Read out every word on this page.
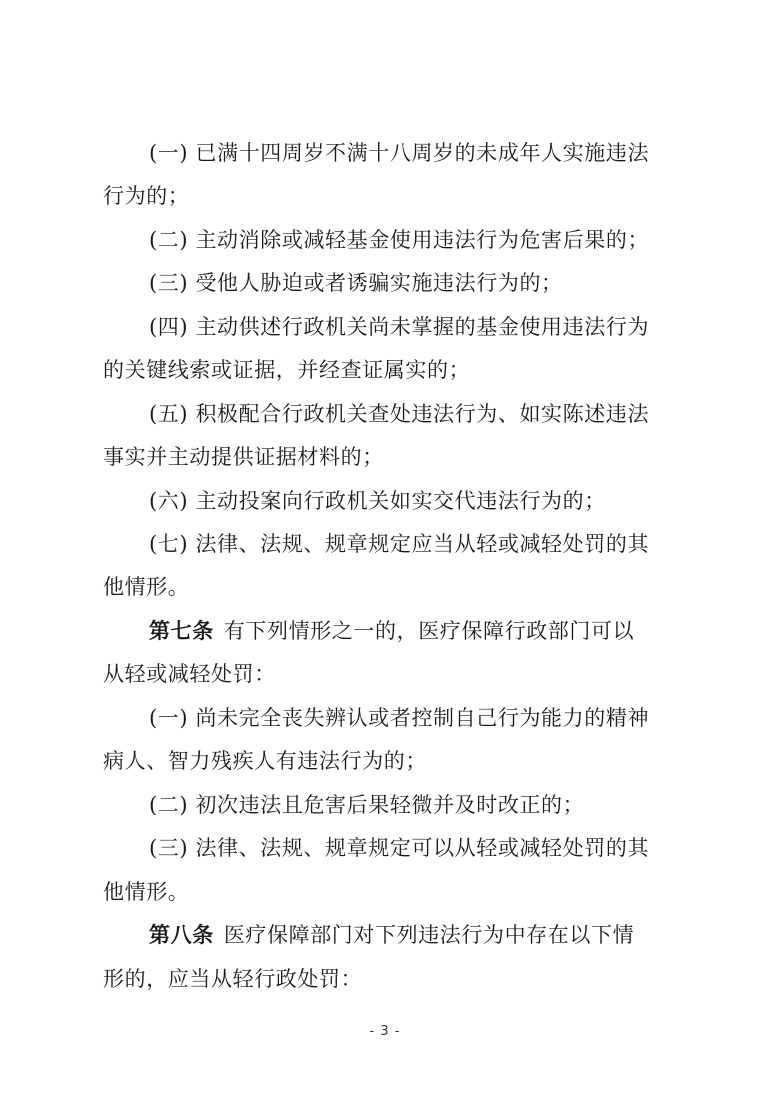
(一) 已满十四周岁不满十八周岁的未成年人实施违法
行为的；
(二) 主动消除或减轻基金使用违法行为危害后果的；
(三) 受他人胁迫或者诱骗实施违法行为的；
(四) 主动供述行政机关尚未掌握的基金使用违法行为
的关键线索或证据，并经查证属实的；
(五) 积极配合行政机关查处违法行为、如实陈述违法
事实并主动提供证据材料的；
(六) 主动投案向行政机关如实交代违法行为的；
(七) 法律、法规、规章规定应当从轻或减轻处罚的其
他情形。
第七条 有下列情形之一的，医疗保障行政部门可以
从轻或减轻处罚：
(一) 尚未完全丧失辨认或者控制自己行为能力的精神
病人、智力残疾人有违法行为的；
(二) 初次违法且危害后果轻微并及时改正的；
(三) 法律、法规、规章规定可以从轻或减轻处罚的其
他情形。
第八条 医疗保障部门对下列违法行为中存在以下情
形的，应当从轻行政处罚：
- 3 -
